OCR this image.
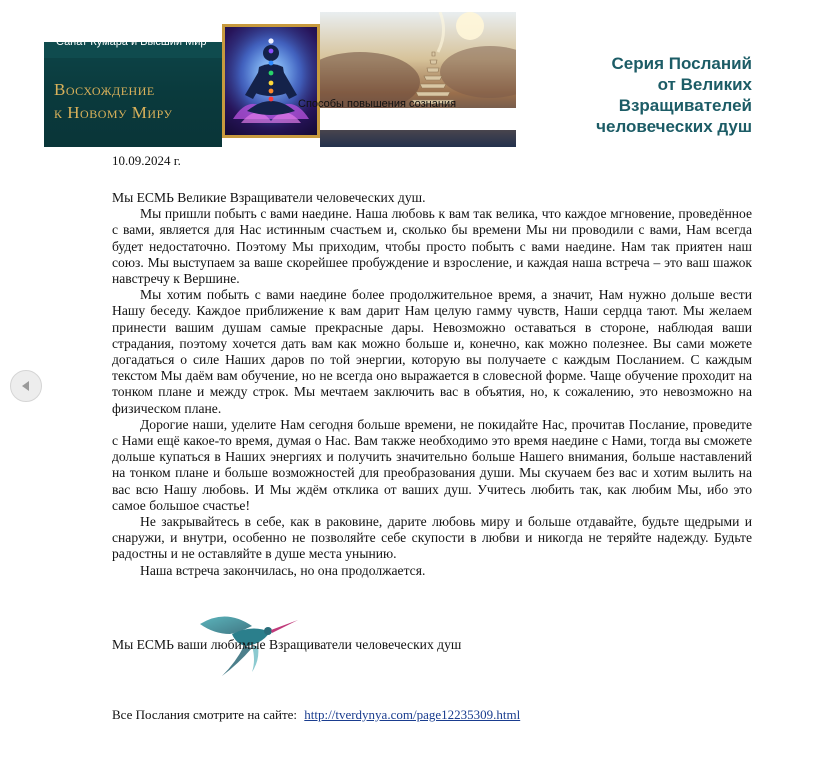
Санат Кумара и Высший Мир
Восхождение
к Новому Миру	Способы повышения сознания
Серия Посланий
от Великих
Взращивателей
человеческих душ
10.09.2024 г.

Мы ЕСМЬ Великие Взращиватели человеческих душ.

Мы пришли побыть с вами наедине. Наша любовь к вам так велика, что каждое мгновение, проведённое с вами, является для Нас истинным счастьем и, сколько бы времени Мы ни проводили с вами, Нам всегда будет недостаточно. Поэтому Мы приходим, чтобы просто побыть с вами наедине. Нам так приятен наш союз. Мы выступаем за ваше скорейшее пробуждение и взросление, и каждая наша встреча – это ваш шажок навстречу к Вершине.

Мы хотим побыть с вами наедине более продолжительное время, а значит, Нам нужно дольше вести Нашу беседу. Каждое приближение к вам дарит Нам целую гамму чувств, Наши сердца тают. Мы желаем принести вашим душам самые прекрасные дары. Невозможно оставаться в стороне, наблюдая ваши страдания, поэтому хочется дать вам как можно больше и, конечно, как можно полезнее. Вы сами можете догадаться о силе Наших даров по той энергии, которую вы получаете с каждым Посланием. С каждым текстом Мы даём вам обучение, но не всегда оно выражается в словесной форме. Чаще обучение проходит на тонком плане и между строк. Мы мечтаем заключить вас в объятия, но, к сожалению, это невозможно на физическом плане.

Дорогие наши, уделите Нам сегодня больше времени, не покидайте Нас, прочитав Послание, проведите с Нами ещё какое-то время, думая о Нас. Вам также необходимо это время наедине с Нами, тогда вы сможете дольше купаться в Наших энергиях и получить значительно больше Нашего внимания, больше наставлений на тонком плане и больше возможностей для преобразования души. Мы скучаем без вас и хотим вылить на вас всю Нашу любовь. И Мы ждём отклика от ваших душ. Учитесь любить так, как любим Мы, ибо это самое большое счастье!

Не закрывайтесь в себе, как в раковине, дарите любовь миру и больше отдавайте, будьте щедрыми и снаружи, и внутри, особенно не позволяйте себе скупости в любви и никогда не теряйте надежду. Будьте радостны и не оставляйте в душе места унынию.

Наша встреча закончилась, но она продолжается.

Мы ЕСМЬ ваши любимые Взращиватели человеческих душ
Все Послания смотрите на сайте: http://tverdynya.com/page12235309.html
